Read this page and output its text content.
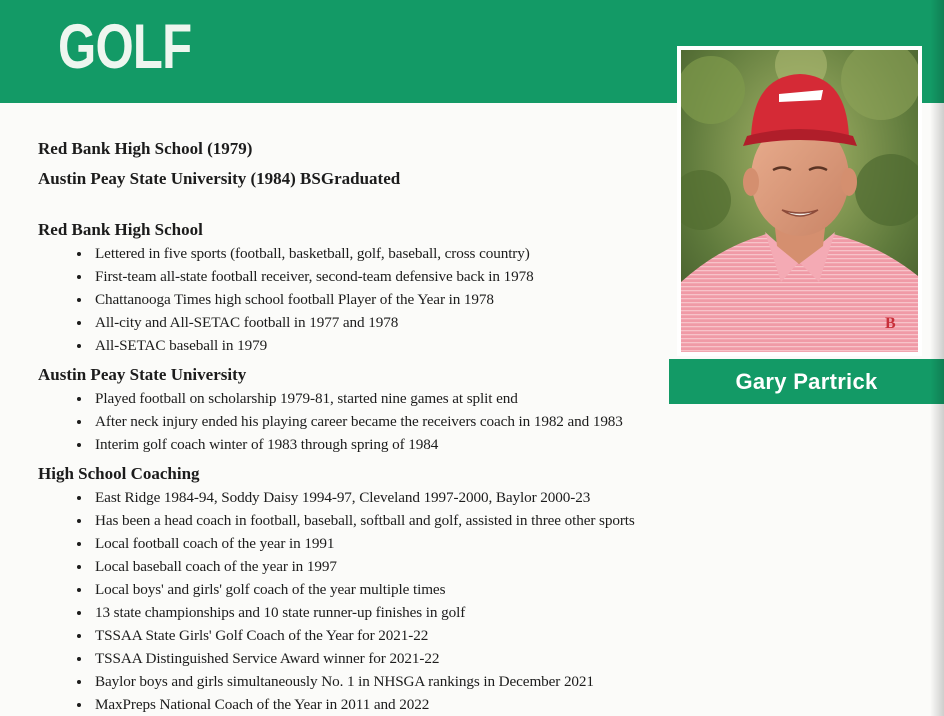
GOLF
B
Gary Partrick

Red Bank High School (1979)

Austin Peay State University (1984) BSGraduated

Red Bank High School
Lettered in five sports (football, basketball, golf, baseball, cross country)
First-team all-state football receiver, second-team defensive back in 1978
Chattanooga Times high school football Player of the Year in 1978
All-city and All-SETAC football in 1977 and 1978
All-SETAC baseball in 1979
Austin Peay State University
Played football on scholarship 1979-81, started nine games at split end
After neck injury ended his playing career became the receivers coach in 1982 and 1983
Interim golf coach winter of 1983 through spring of 1984
High School Coaching
East Ridge 1984-94, Soddy Daisy 1994-97, Cleveland 1997-2000, Baylor 2000-23
Has been a head coach in football, baseball, softball and golf, assisted in three other sports
Local football coach of the year in 1991
Local baseball coach of the year in 1997
Local boys' and girls' golf coach of the year multiple times
13 state championships and 10 state runner-up finishes in golf
TSSAA State Girls' Golf Coach of the Year for 2021-22
TSSAA Distinguished Service Award winner for 2021-22
Baylor boys and girls simultaneously No. 1 in NHSGA rankings in December 2021
MaxPreps National Coach of the Year in 2011 and 2022
